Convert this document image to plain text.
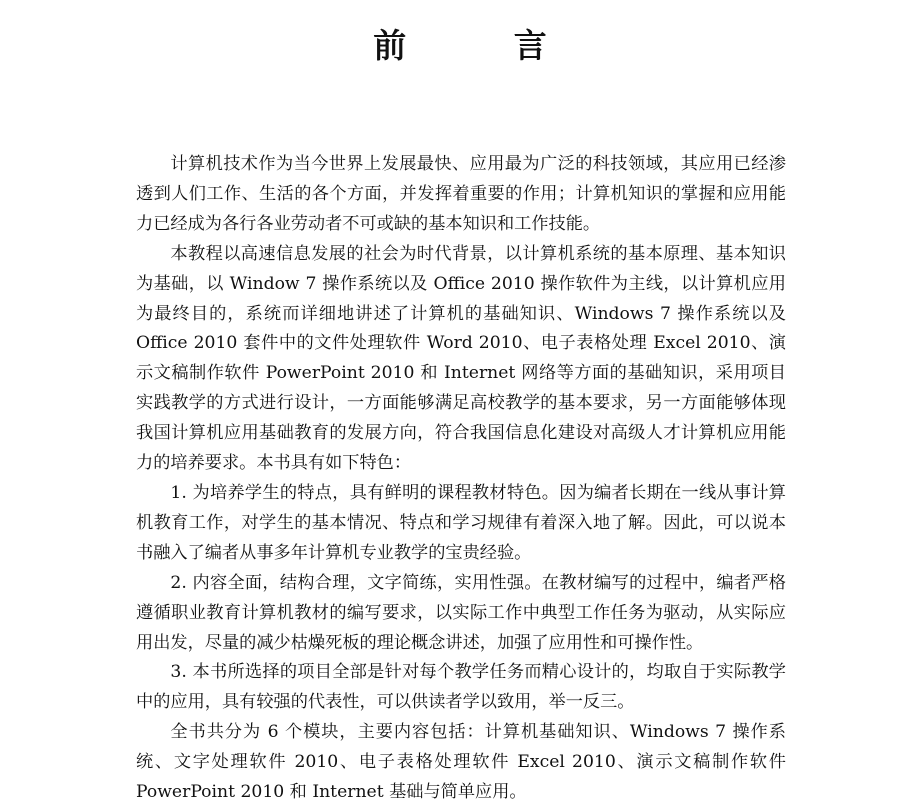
前 言

计算机技术作为当今世界上发展最快、应用最为广泛的科技领域，其应用已经渗透到人们工作、生活的各个方面，并发挥着重要的作用；计算机知识的掌握和应用能力已经成为各行各业劳动者不可或缺的基本知识和工作技能。

本教程以高速信息发展的社会为时代背景，以计算机系统的基本原理、基本知识为基础，以 Window 7 操作系统以及 Office 2010 操作软件为主线，以计算机应用为最终目的，系统而详细地讲述了计算机的基础知识、Windows 7 操作系统以及 Office 2010 套件中的文件处理软件 Word 2010、电子表格处理 Excel 2010、演示文稿制作软件 PowerPoint 2010 和 Internet 网络等方面的基础知识，采用项目实践教学的方式进行设计，一方面能够满足高校教学的基本要求，另一方面能够体现我国计算机应用基础教育的发展方向，符合我国信息化建设对高级人才计算机应用能力的培养要求。本书具有如下特色：

1. 为培养学生的特点，具有鲜明的课程教材特色。因为编者长期在一线从事计算机教育工作，对学生的基本情况、特点和学习规律有着深入地了解。因此，可以说本书融入了编者从事多年计算机专业教学的宝贵经验。

2. 内容全面，结构合理，文字简练，实用性强。在教材编写的过程中，编者严格遵循职业教育计算机教材的编写要求，以实际工作中典型工作任务为驱动，从实际应用出发，尽量的减少枯燥死板的理论概念讲述，加强了应用性和可操作性。

3. 本书所选择的项目全部是针对每个教学任务而精心设计的，均取自于实际教学中的应用，具有较强的代表性，可以供读者学以致用，举一反三。

全书共分为 6 个模块，主要内容包括：计算机基础知识、Windows 7 操作系统、文字处理软件 2010、电子表格处理软件 Excel 2010、演示文稿制作软件 PowerPoint 2010 和 Internet 基础与简单应用。
